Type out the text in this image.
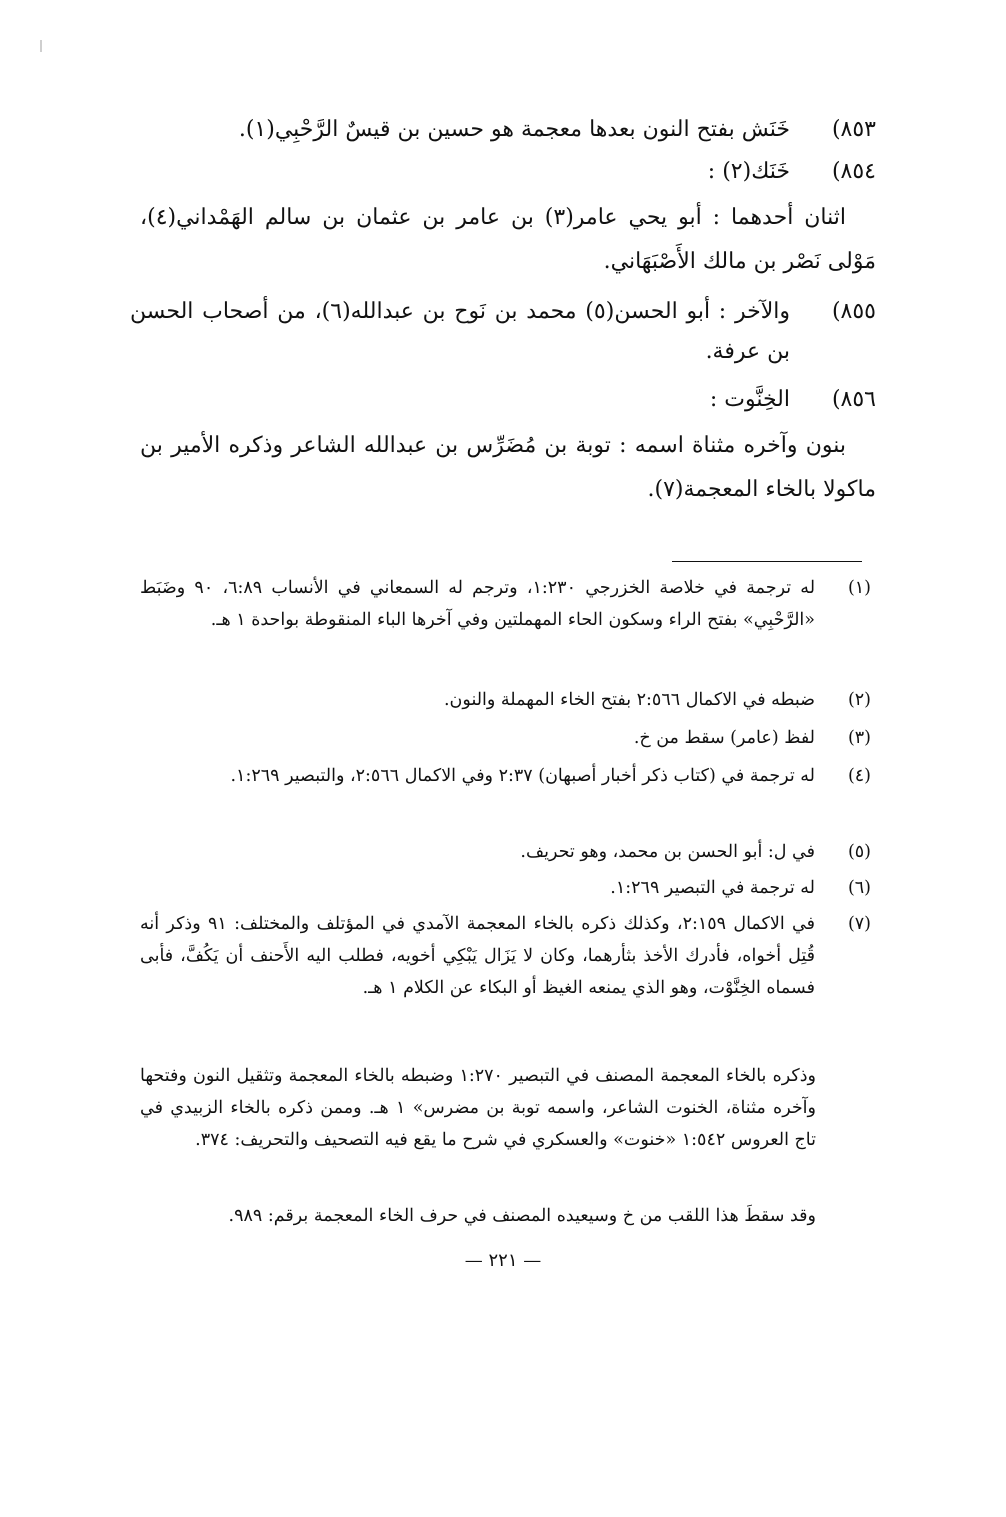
٨٥٣ )
خَنَش بفتح النون بعدها معجمة هو حسين بن قيسٌ الرَّحْبِي(١).
٨٥٤ )
خَنَك(٢) :
اثنان أحدهما : أبو يحي عامر(٣) بن عامر بن عثمان بن سالم الهَمْداني(٤)، مَوْلى نَصْر بن مالك الأَصْبَهَاني.
٨٥٥ )
والآخر : أبو الحسن(٥) محمد بن نَوح بن عبدالله(٦)، من أصحاب الحسن بن عرفة.
٨٥٦ )
الخِنَّوت :
بنون وآخره مثناة اسمه : توبة بن مُضَرِّس بن عبدالله الشاعر وذكره الأمير بن ماكولا بالخاء المعجمة(٧).
(١)
له ترجمة في خلاصة الخزرجي ١:٢٣٠، وترجم له السمعاني في الأنساب ٦:٨٩، ٩٠ وضَبَط «الرَّحْبِي» بفتح الراء وسكون الحاء المهملتين وفي آخرها الباء المنقوطة بواحدة ١ هـ.
(٢)
ضبطه في الاكمال ٢:٥٦٦ بفتح الخاء المهملة والنون.
(٣)
لفظ (عامر) سقط من خ.
(٤)
له ترجمة في (كتاب ذكر أخبار أصبهان) ٢:٣٧ وفي الاكمال ٢:٥٦٦، والتبصير ١:٢٦٩.
(٥)
في ل: أبو الحسن بن محمد، وهو تحريف.
(٦)
له ترجمة في التبصير ١:٢٦٩.
(٧)
في الاكمال ٢:١٥٩، وكذلك ذكره بالخاء المعجمة الآمدي في المؤتلف والمختلف: ٩١ وذكر أنه قُتِل أخواه، فأدرك الأخذ بثأرهما، وكان لا يَزَال يَبْكِي أخويه، فطلب اليه الأَحنف أن يَكُفَّ، فأبى فسماه الخِنَّوْت، وهو الذي يمنعه الغيظ أو البكاء عن الكلام ١ هـ.
وذكره بالخاء المعجمة المصنف في التبصير ١:٢٧٠ وضبطه بالخاء المعجمة وتثقيل النون وفتحها وآخره مثناة، الخنوت الشاعر، واسمه توبة بن مضرس» ١ هـ. وممن ذكره بالخاء الزبيدي في تاج العروس ١:٥٤٢ «خنوت» والعسكري في شرح ما يقع فيه التصحيف والتحريف: ٣٧٤.
وقد سقطَ هذا اللقب من خ وسيعيده المصنف في حرف الخاء المعجمة برقم: ٩٨٩.
— ٢٢١ —
